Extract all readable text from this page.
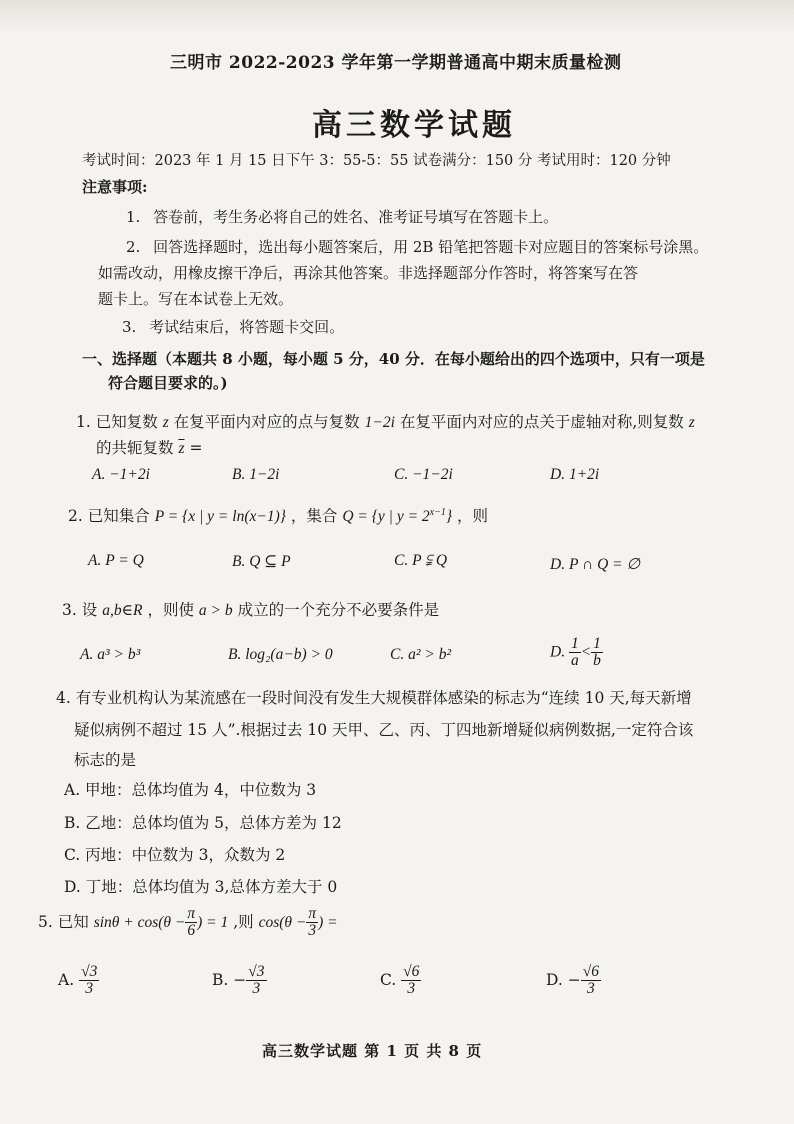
三明市 2022-2023 学年第一学期普通高中期末质量检测
高三数学试题
考试时间：2023 年 1 月 15 日下午 3：55-5：55 试卷满分：150 分 考试用时：120 分钟
注意事项:
1. 答卷前，考生务必将自己的姓名、准考证号填写在答题卡上。
2. 回答选择题时，选出每小题答案后，用 2B 铅笔把答题卡对应题目的答案标号涂黑。
如需改动，用橡皮擦干净后，再涂其他答案。非选择题部分作答时，将答案写在答
题卡上。写在本试卷上无效。
3. 考试结束后，将答题卡交回。
一、选择题（本题共 8 小题，每小题 5 分，40 分．在每小题给出的四个选项中，只有一项是
符合题目要求的。)
1. 已知复数 z 在复平面内对应的点与复数 1−2i 在复平面内对应的点关于虚轴对称,则复数 z
的共轭复数 $\overline{z}$ =
A. −1+2i	B. 1−2i	C. −1−2i	D. 1+2i
2. 已知集合 P = {x | y = ln(x−1)} ，集合 Q = {y | $y = 2^{x-1}$} ，则
A. P = Q	B. Q ⊆ P	C. P ⫋ Q	D. P ∩ Q = ∅
3. 设 a,b∈R ，则使 a > b 成立的一个充分不必要条件是
A. a³ > b³	B. log₂(a−b) > 0	C. a² > b²	D. $\frac{1}{a} < \frac{1}{b}$
4. 有专业机构认为某流感在一段时间没有发生大规模群体感染的标志为“连续 10 天,每天新增
疑似病例不超过 15 人”.根据过去 10 天甲、乙、丙、丁四地新增疑似病例数据,一定符合该
标志的是
A. 甲地：总体均值为 4，中位数为 3
B. 乙地：总体均值为 5，总体方差为 12
C. 丙地：中位数为 3，众数为 2
D. 丁地：总体均值为 3,总体方差大于 0
5. 已知 $\sin\theta + \cos(\theta - \frac{\pi}{6}$ ) = 1 ,则 $\cos(\theta - \frac{\pi}{3}$ ) =
A. $\frac{√3}{3}$	B. − $\frac{√3}{3}$	C. $\frac{√6}{3}$	D. − $\frac{√6}{3}$
高三数学试题 第 1 页 共 8 页
